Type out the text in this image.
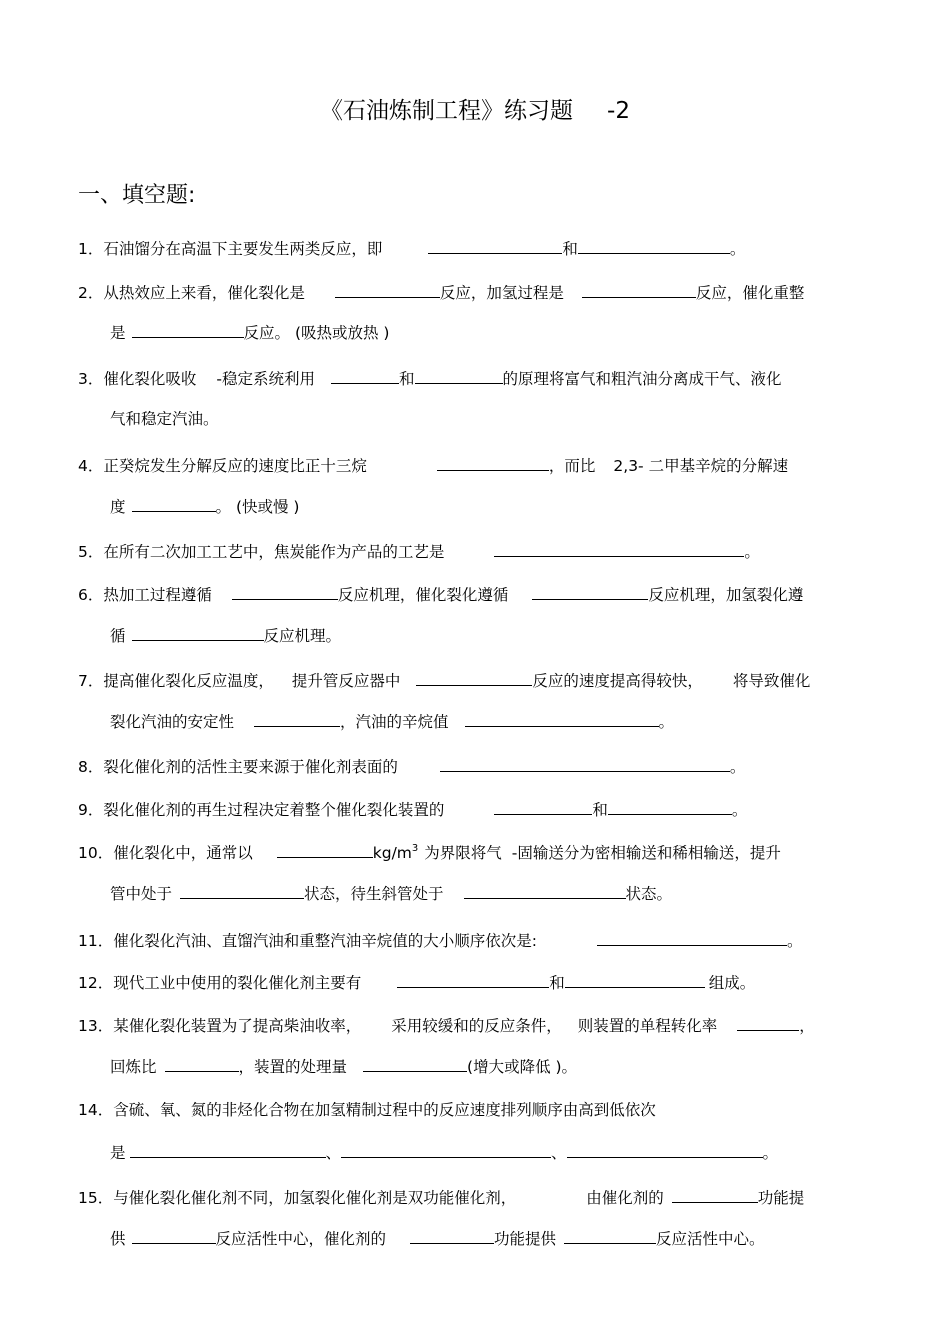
《石油炼制工程》练习题 -2
一、填空题:
1．石油馏分在高温下主要发生两类反应，即	和	。
2．从热效应上来看，催化裂化是	反应，加氢过程是	反应，催化重整
是	反应。 (吸热或放热 )
3．催化裂化吸收 -稳定系统利用	和	的原理将富气和粗汽油分离成干气、液化
气和稳定汽油。
4．正癸烷发生分解反应的速度比正十三烷	，而比 2,3- 二甲基辛烷的分解速
度	。 (快或慢 )
5．在所有二次加工工艺中，焦炭能作为产品的工艺是	。
6．热加工过程遵循	反应机理，催化裂化遵循	反应机理，加氢裂化遵
循	反应机理。
7．提高催化裂化反应温度， 提升管反应器中	反应的速度提高得较快， 将导致催化
裂化汽油的安定性	，汽油的辛烷值	。
8．裂化催化剂的活性主要来源于催化剂表面的	。
9．裂化催化剂的再生过程决定着整个催化裂化装置的	和	。
10．催化裂化中，通常以	$kg/m^3$ 为界限将气 -固输送分为密相输送和稀相输送，提升
管中处于	状态，待生斜管处于	状态。
11．催化裂化汽油、直馏汽油和重整汽油辛烷值的大小顺序依次是:	。
12．现代工业中使用的裂化催化剂主要有	和	组成。
13．某催化裂化装置为了提高柴油收率， 采用较缓和的反应条件， 则装置的单程转化率	，
回炼比	，装置的处理量	(增大或降低 )。
14．含硫、氧、氮的非烃化合物在加氢精制过程中的反应速度排列顺序由高到低依次
是	、	、	。
15．与催化裂化催化剂不同，加氢裂化催化剂是双功能催化剂，	由催化剂的	功能提
供	反应活性中心，催化剂的	功能提供	反应活性中心。
